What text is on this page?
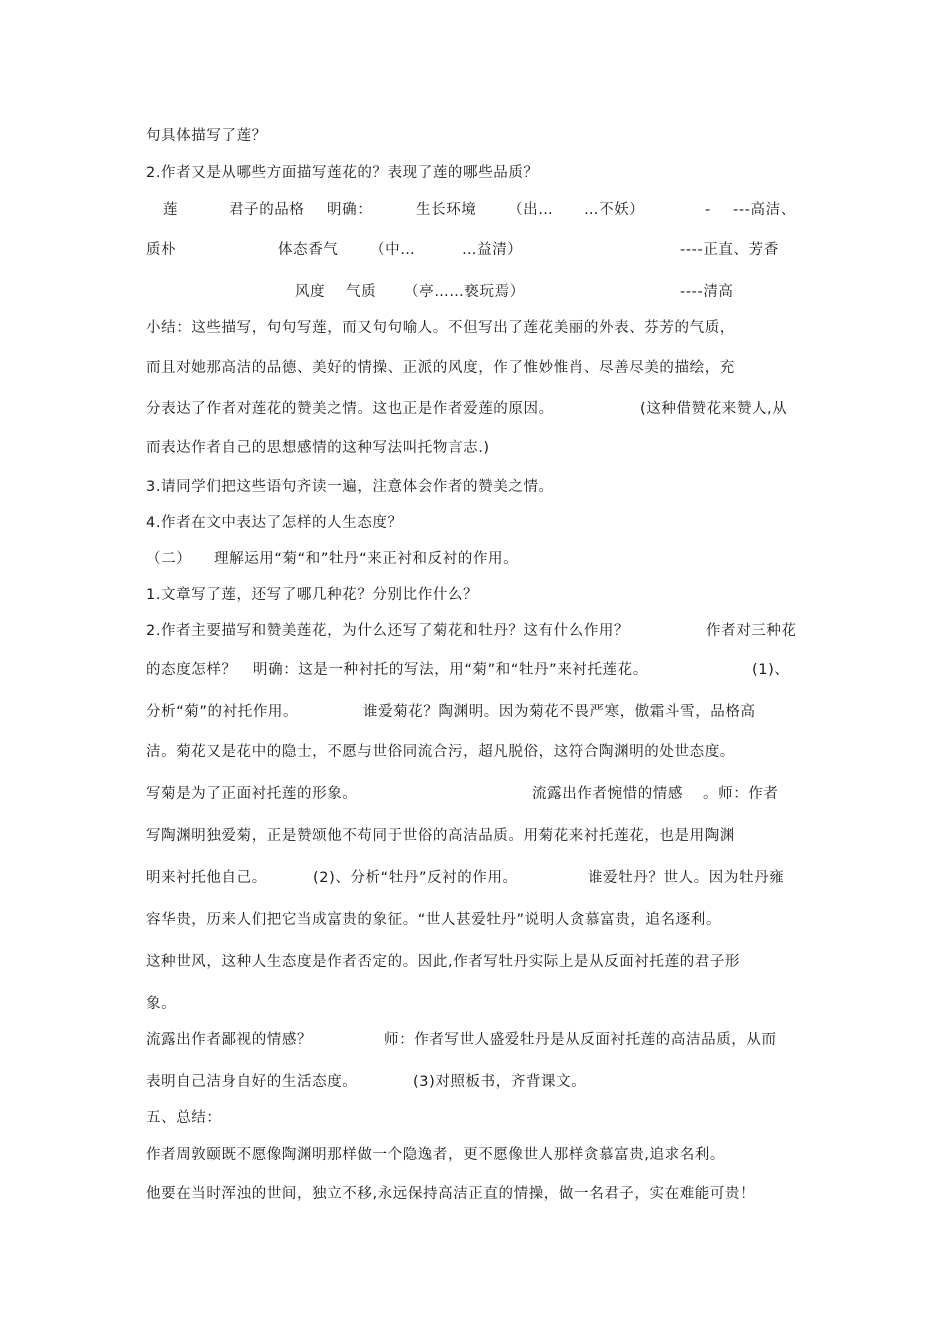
句具体描写了莲？
2.作者又是从哪些方面描写莲花的？表现了莲的哪些品质？
莲	君子的品格 明确：	生长环境 （出… …不妖）	- ---高洁、
质朴	体态香气 （中…	…益清）	----正直、芳香
风度 气质 （亭……亵玩焉）	----清高
小结：这些描写，句句写莲，而又句句喻人。不但写出了莲花美丽的外表、芬芳的气质，
而且对她那高洁的品德、美好的情操、正派的风度，作了惟妙惟肖、尽善尽美的描绘，充
分表达了作者对莲花的赞美之情。这也正是作者爱莲的原因。	(这种借赞花来赞人,从
而表达作者自己的思想感情的这种写法叫托物言志.)
3.请同学们把这些语句齐读一遍，注意体会作者的赞美之情。
4.作者在文中表达了怎样的人生态度？
（二） 理解运用“菊“和”牡丹“来正衬和反衬的作用。
1.文章写了莲，还写了哪几种花？分别比作什么？
2.作者主要描写和赞美莲花，为什么还写了菊花和牡丹？这有什么作用？	作者对三种花
的态度怎样？ 明确：这是一种衬托的写法，用“菊”和“牡丹”来衬托莲花。	(1)、
分析“菊”的衬托作用。	谁爱菊花？陶渊明。因为菊花不畏严寒，傲霜斗雪，品格高
洁。菊花又是花中的隐士，不愿与世俗同流合污，超凡脱俗，这符合陶渊明的处世态度。
写菊是为了正面衬托莲的形象。	流露出作者惋惜的情感 。师：作者
写陶渊明独爱菊，正是赞颂他不苟同于世俗的高洁品质。用菊花来衬托莲花，也是用陶渊
明来衬托他自己。	(2)、分析“牡丹”反衬的作用。	谁爱牡丹？世人。因为牡丹雍
容华贵，历来人们把它当成富贵的象征。“世人甚爱牡丹”说明人贪慕富贵，追名逐利。
这种世风，这种人生态度是作者否定的。因此,作者写牡丹实际上是从反面衬托莲的君子形
象。
流露出作者鄙视的情感？	师：作者写世人盛爱牡丹是从反面衬托莲的高洁品质，从而
表明自己洁身自好的生活态度。	(3)对照板书，齐背课文。
五、总结：
作者周敦颐既不愿像陶渊明那样做一个隐逸者，更不愿像世人那样贪慕富贵,追求名利。
他要在当时浑浊的世间，独立不移,永远保持高洁正直的情操，做一名君子，实在难能可贵！
